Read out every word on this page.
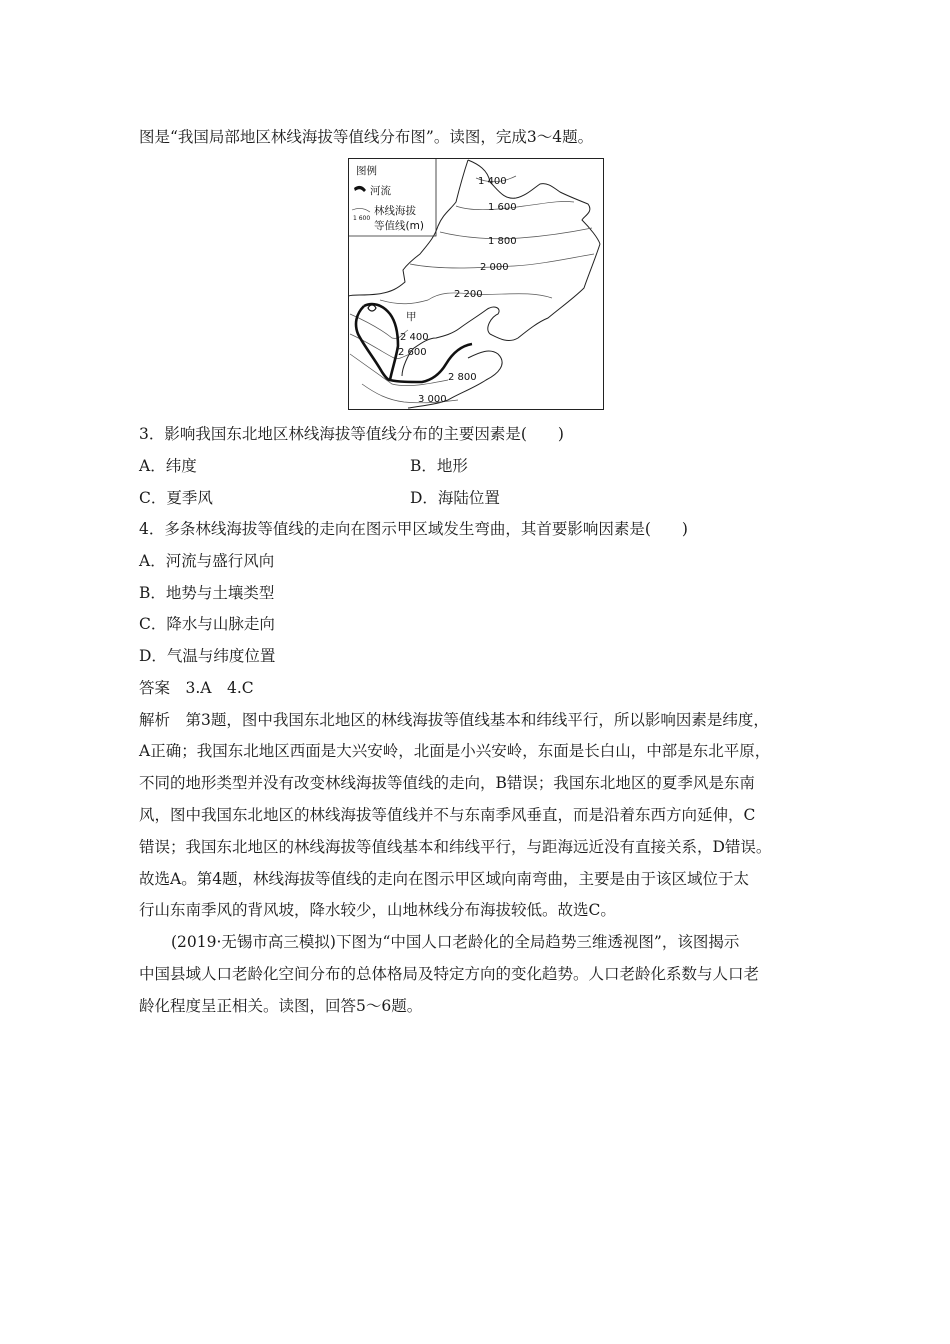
图是“我国局部地区林线海拔等值线分布图”。读图，完成3～4题。
图例
河流
1 600
林线海拔
等值线(m)
1 400
1 600
1 800
2 000
2 200
2 400
2 600
2 800
3 000
甲
3．影响我国东北地区林线海拔等值线分布的主要因素是(　　)
A．纬度	B．地形
C．夏季风	D．海陆位置
4．多条林线海拔等值线的走向在图示甲区域发生弯曲，其首要影响因素是(　　)
A．河流与盛行风向
B．地势与土壤类型
C．降水与山脉走向
D．气温与纬度位置
答案　3.A　4.C
解析　第3题，图中我国东北地区的林线海拔等值线基本和纬线平行，所以影响因素是纬度，
A正确；我国东北地区西面是大兴安岭，北面是小兴安岭，东面是长白山，中部是东北平原，
不同的地形类型并没有改变林线海拔等值线的走向，B错误；我国东北地区的夏季风是东南
风，图中我国东北地区的林线海拔等值线并不与东南季风垂直，而是沿着东西方向延伸，C
错误；我国东北地区的林线海拔等值线基本和纬线平行，与距海远近没有直接关系，D错误。
故选A。第4题，林线海拔等值线的走向在图示甲区域向南弯曲，主要是由于该区域位于太
行山东南季风的背风坡，降水较少，山地林线分布海拔较低。故选C。
(2019·无锡市高三模拟)下图为“中国人口老龄化的全局趋势三维透视图”，该图揭示
中国县域人口老龄化空间分布的总体格局及特定方向的变化趋势。人口老龄化系数与人口老
龄化程度呈正相关。读图，回答5～6题。
